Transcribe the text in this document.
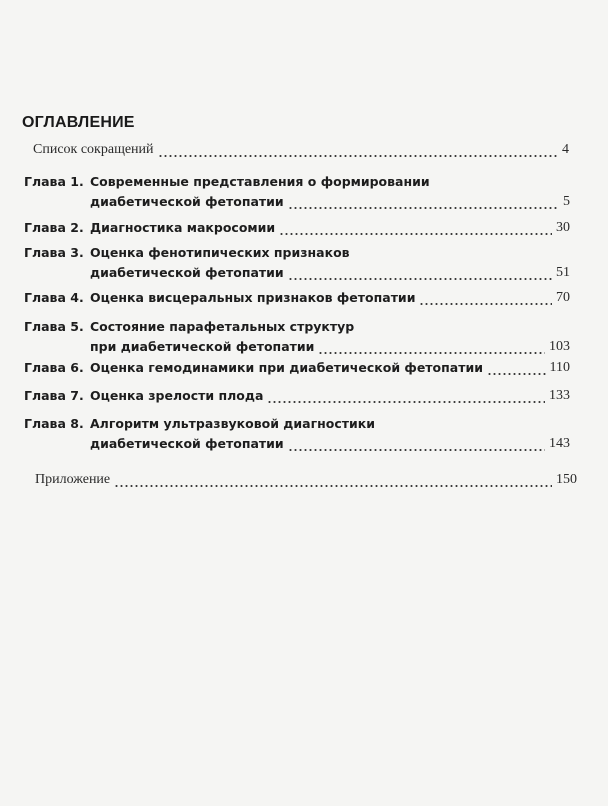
ОГЛАВЛЕНИЕ
Список сокращений	4
Глава 1. Современные представления о формировании
диабетической фетопатии	5
Глава 2. Диагностика макросомии	30
Глава 3. Оценка фенотипических признаков
диабетической фетопатии	51
Глава 4. Оценка висцеральных признаков фетопатии	70
Глава 5. Состояние парафетальных структур
при диабетической фетопатии	103
Глава 6. Оценка гемодинамики при диабетической фетопатии	110
Глава 7. Оценка зрелости плода	133
Глава 8. Алгоритм ультразвуковой диагностики
диабетической фетопатии	143
Приложение	150
